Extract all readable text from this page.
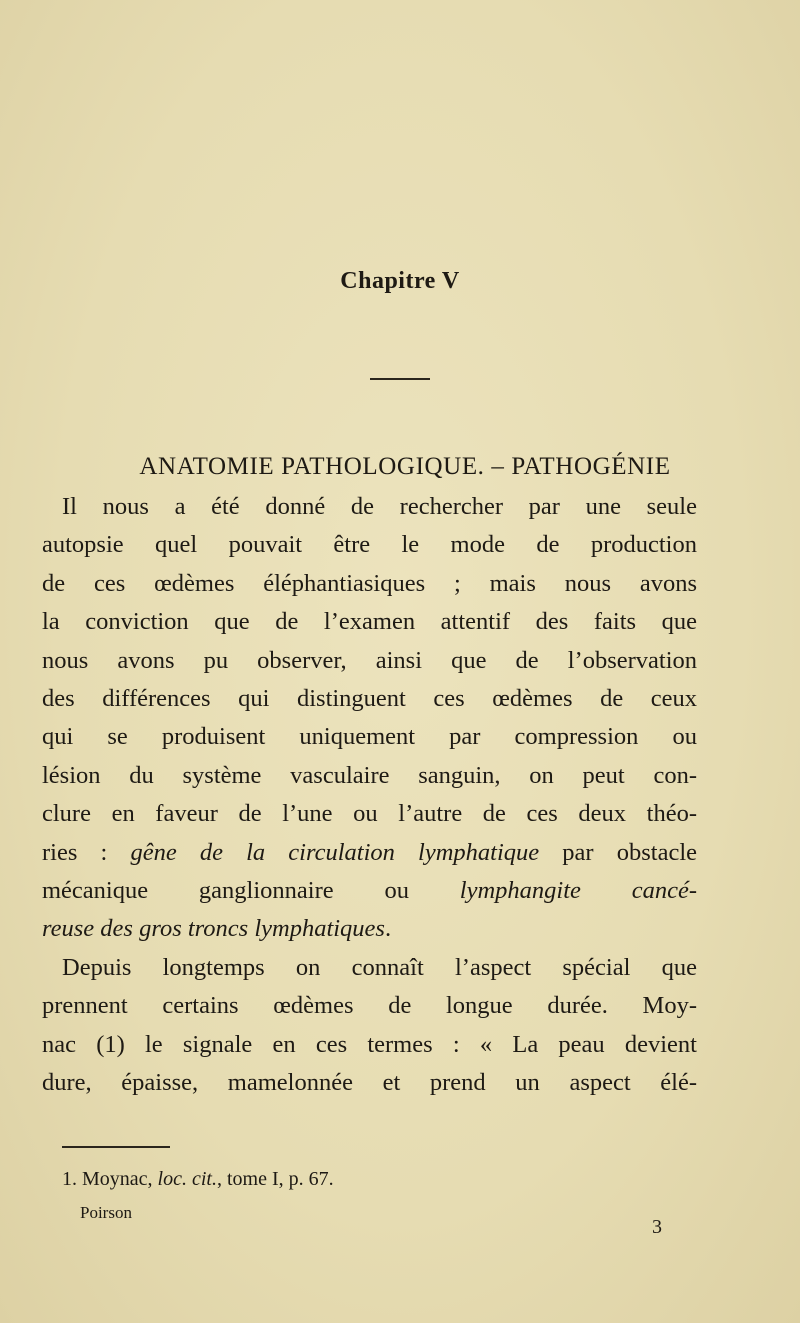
Chapitre V
ANATOMIE PATHOLOGIQUE. – PATHOGÉNIE
Il nous a été donné de rechercher par une seule
autopsie quel pouvait être le mode de production
de ces œdèmes éléphantiasiques ; mais nous avons
la conviction que de l’examen attentif des faits que
nous avons pu observer, ainsi que de l’observation
des différences qui distinguent ces œdèmes de ceux
qui se produisent uniquement par compression ou
lésion du système vasculaire sanguin, on peut con-
clure en faveur de l’une ou l’autre de ces deux théo-
ries : gêne de la circulation lymphatique par obstacle
mécanique ganglionnaire ou lymphangite cancé-
reuse des gros troncs lymphatiques.
Depuis longtemps on connaît l’aspect spécial que
prennent certains œdèmes de longue durée. Moy-
nac (1) le signale en ces termes : « La peau devient
dure, épaisse, mamelonnée et prend un aspect élé-
1. Moynac, loc. cit., tome I, p. 67.
Poirson
3
